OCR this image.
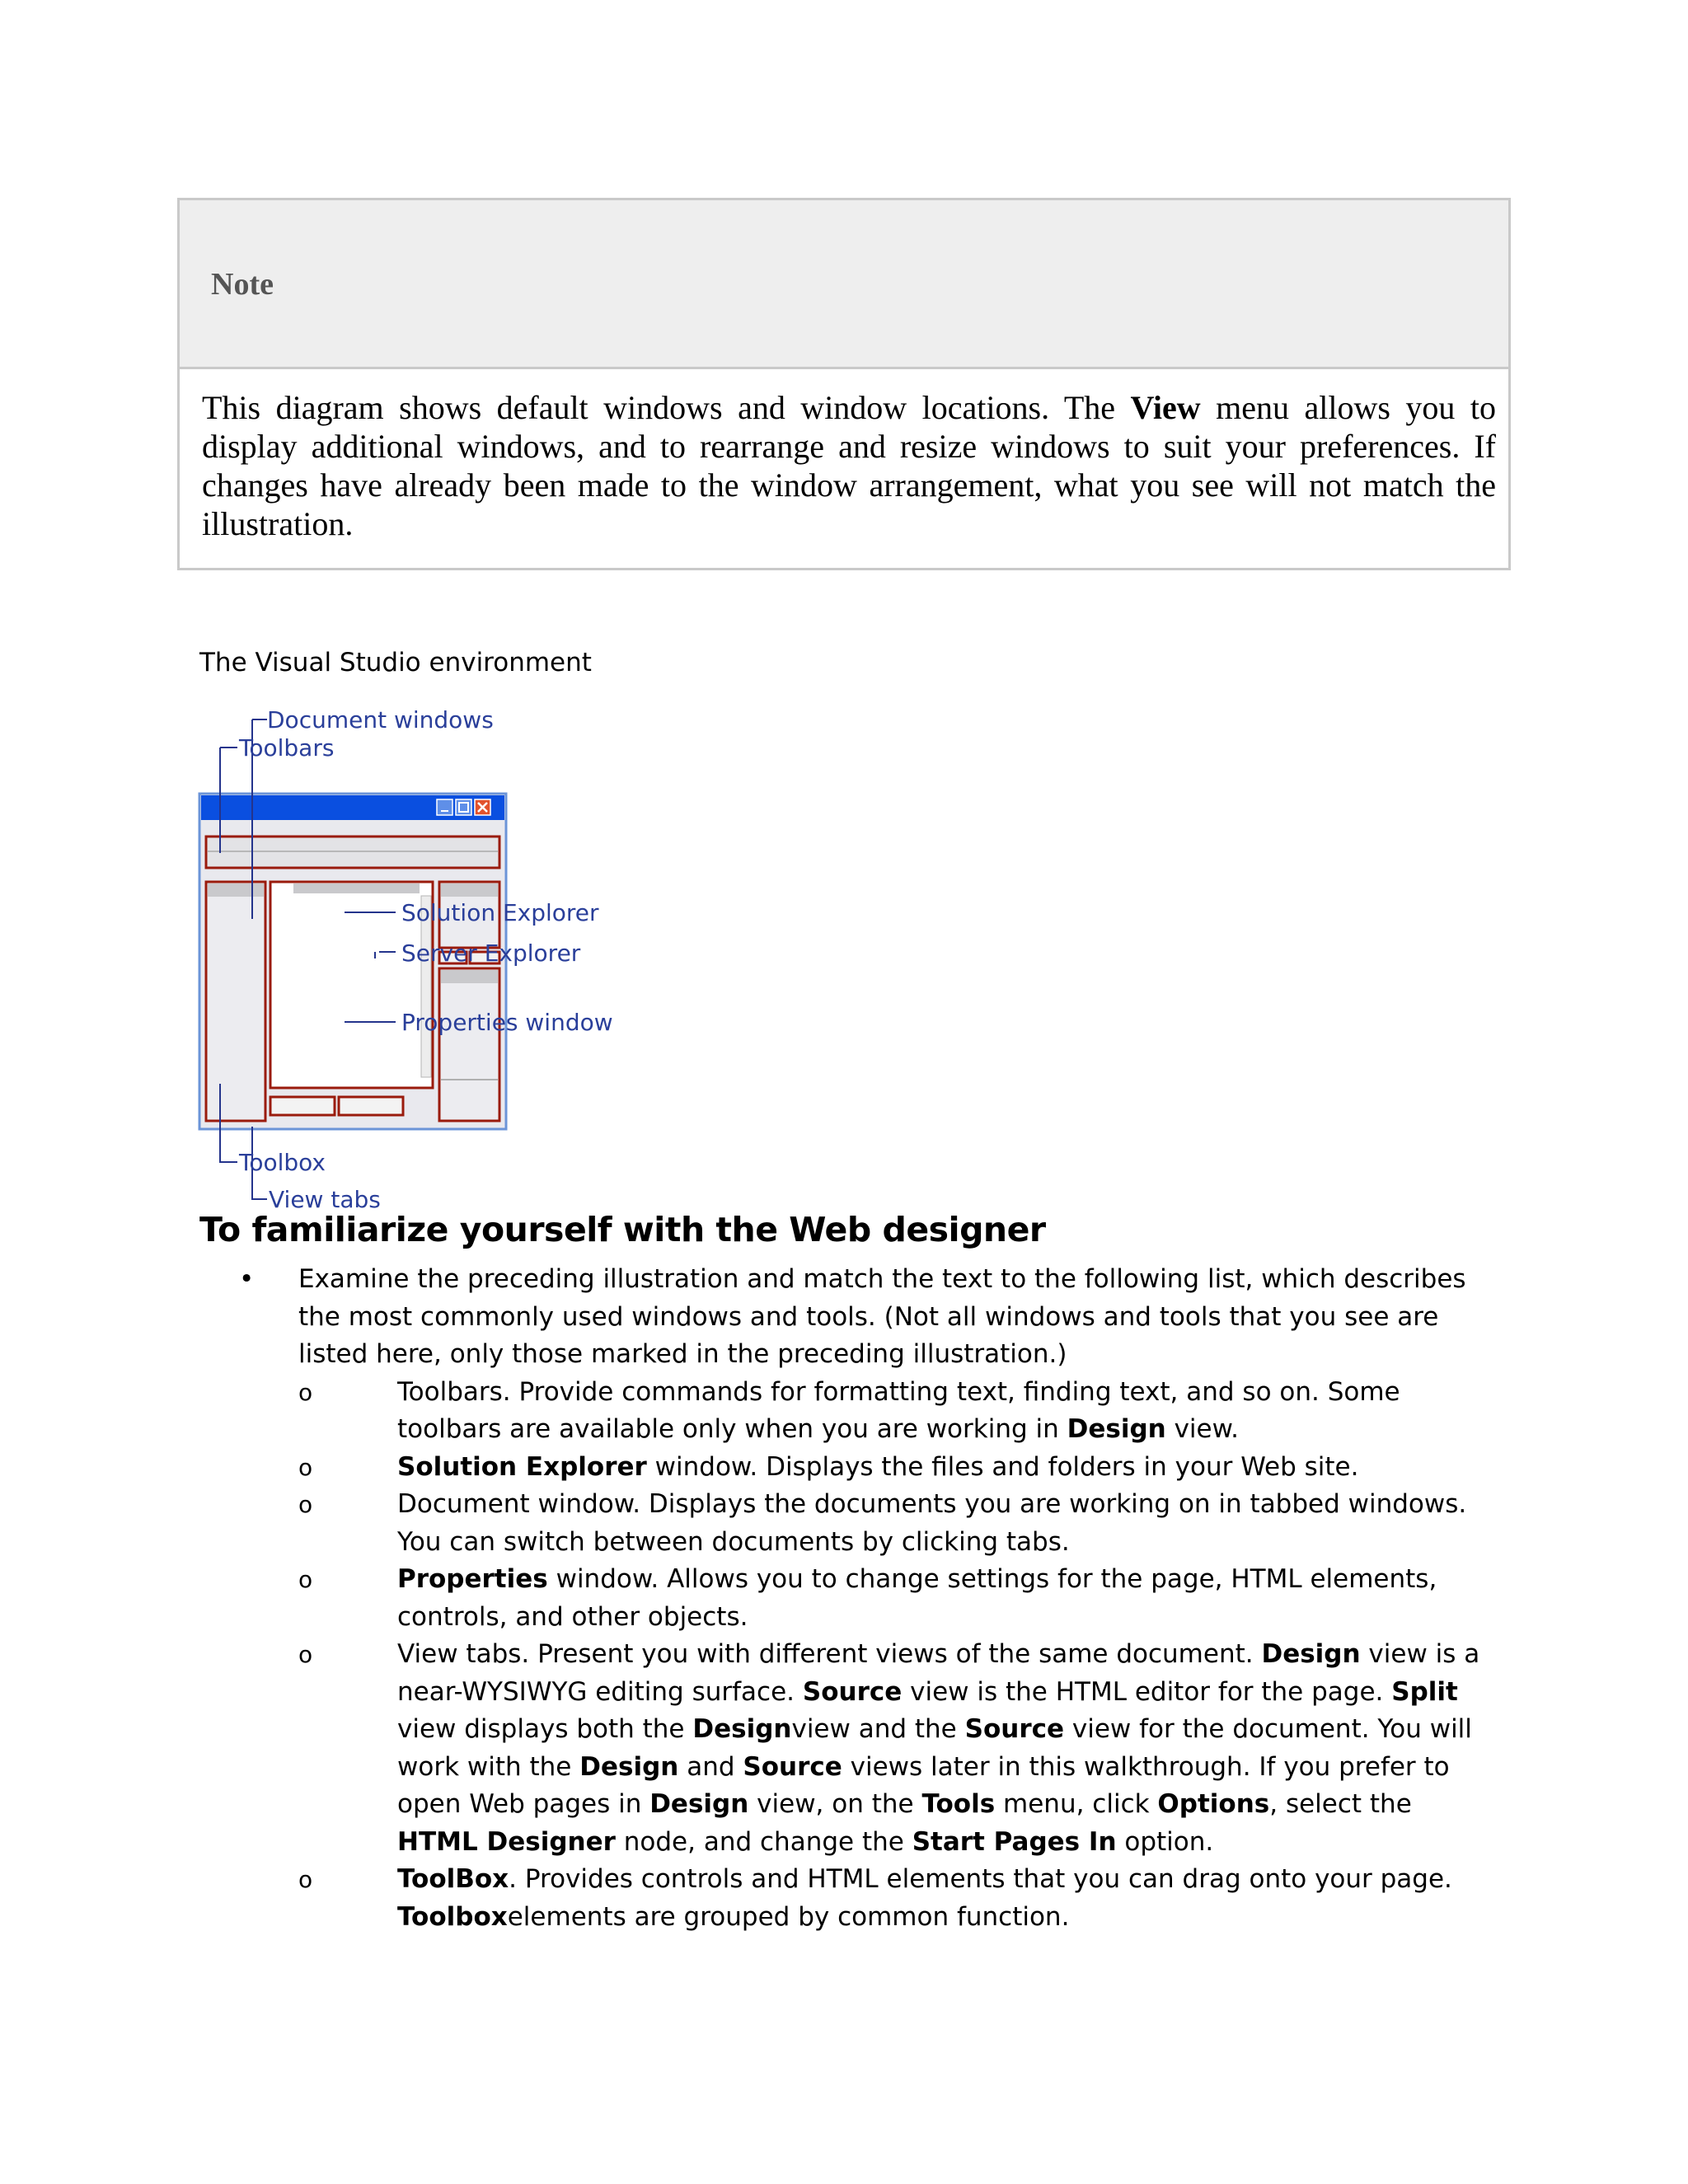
Note
This diagram shows default windows and window locations. The View menu allows you to display additional windows, and to rearrange and resize windows to suit your preferences. If changes have already been made to the window arrangement, what you see will not match the illustration.
The Visual Studio environment
Document windows
Toolbars
Solution Explorer
Server Explorer
Properties window
Toolbox
View tabs
To familiarize yourself with the Web designer
• Examine the preceding illustration and match the text to the following list, which describes the most commonly used windows and tools. (Not all windows and tools that you see are listed here, only those marked in the preceding illustration.)
o	Toolbars. Provide commands for formatting text, finding text, and so on. Some toolbars are available only when you are working in Design view.
o	Solution Explorer window. Displays the files and folders in your Web site.
o	Document window. Displays the documents you are working on in tabbed windows. You can switch between documents by clicking tabs.
o	Properties window. Allows you to change settings for the page, HTML elements, controls, and other objects.
o	View tabs. Present you with different views of the same document. Design view is a near-WYSIWYG editing surface. Source view is the HTML editor for the page. Split view displays both the Designview and the Source view for the document. You will work with the Design and Source views later in this walkthrough. If you prefer to open Web pages in Design view, on the Tools menu, click Options, select the HTML Designer node, and change the Start Pages In option.
o	ToolBox. Provides controls and HTML elements that you can drag onto your page. Toolboxelements are grouped by common function.
